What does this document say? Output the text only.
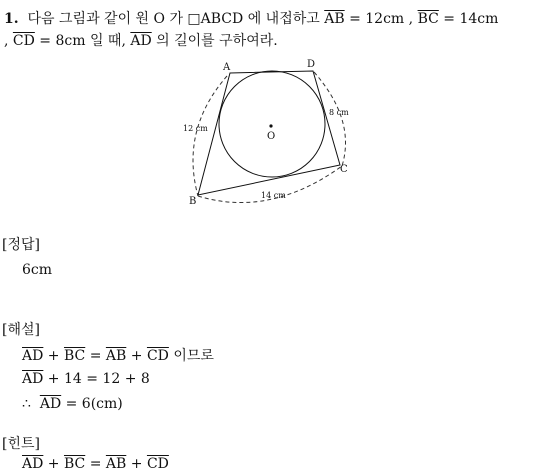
1. 다음 그림과 같이 원 O 가 □ABCD 에 내접하고 $\overline{AB} = 12cm$ , $\overline{BC} = 14cm$
, $\overline{CD} = 8cm$ 일 때, $\overline{AD}$ 의 길이를 구하여라.
A	D
C
B
O
12 cm
14 cm
8 cm
[정답]
6cm
[해설]
$\overline{AD} + \overline{BC} = \overline{AB} + \overline{CD}$ 이므로
$\overline{AD} + 14 = 12 + 8$
∴ $\overline{AD} = 6(cm)$
[힌트]
$\overline{AD} + \overline{BC} = \overline{AB} + \overline{CD}$
